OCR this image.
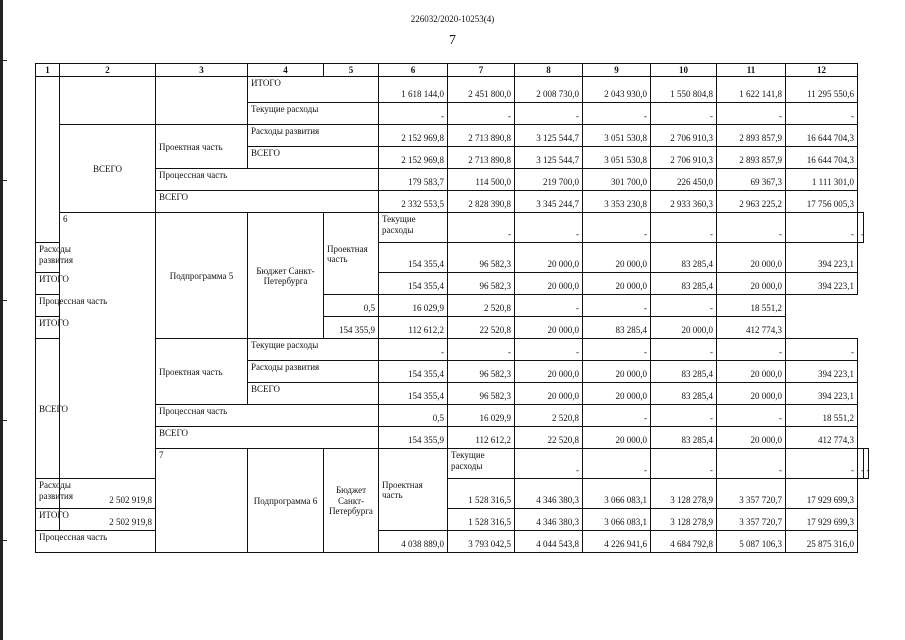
226032/2020-10253(4)
7
1	2	3	4	5	6	7	8	9	10	11	12		
			ИТОГО		1 618 144,0	2 451 800,0	2 008 730,0	2 043 930,0	1 550 804,8	1 622 141,8	11 295 550,6		
			Текущие расходы		-	-	-	-	-	-	-		
	ВСЕГО	Проектная часть	Расходы развития		2 152 969,8	2 713 890,8	3 125 544,7	3 051 530,8	2 706 910,3	2 893 857,9	16 644 704,3		
			ВСЕГО		2 152 969,8	2 713 890,8	3 125 544,7	3 051 530,8	2 706 910,3	2 893 857,9	16 644 704,3		
		Процессная часть			179 583,7	114 500,0	219 700,0	301 700,0	226 450,0	69 367,3	1 111 301,0		
		ВСЕГО			2 332 553,5	2 828 390,8	3 345 244,7	3 353 230,8	2 933 360,3	2 963 225,2	17 756 005,3		
	6	Подпрограмма 5	Бюджет Санкт-Петербурга	Проектная часть	Текущие расходы	-	-	-	-	-	-	-	
Расходы развития					154 355,4	96 582,3	20 000,0	20 000,0	83 285,4	20 000,0	394 223,1		
ИТОГО					154 355,4	96 582,3	20 000,0	20 000,0	83 285,4	20 000,0	394 223,1		
Процессная часть				0,5	16 029,9	2 520,8	-	-	-	18 551,2			
ИТОГО				154 355,9	112 612,2	22 520,8	20 000,0	83 285,4	20 000,0	412 774,3			
ВСЕГО		Проектная часть	Текущие расходы		-	-	-	-	-	-	-		
			Расходы развития		154 355,4	96 582,3	20 000,0	20 000,0	83 285,4	20 000,0	394 223,1		
			ВСЕГО		154 355,4	96 582,3	20 000,0	20 000,0	83 285,4	20 000,0	394 223,1		
		Процессная часть			0,5	16 029,9	2 520,8	-	-	-	18 551,2		
		ВСЕГО			154 355,9	112 612,2	22 520,8	20 000,0	83 285,4	20 000,0	412 774,3		
		7	Подпрограмма 6	Бюджет Санкт-Петербурга	Проектная часть	Текущие расходы	-	-	-	-	-	-	-
Расходы развития	2 502 919,8					1 528 316,5	4 346 380,3	3 066 083,1	3 128 278,9	3 357 720,7	17 929 699,3		
ИТОГО	2 502 919,8					1 528 316,5	4 346 380,3	3 066 083,1	3 128 278,9	3 357 720,7	17 929 699,3		
Процессная часть					4 038 889,0	3 793 042,5	4 044 543,8	4 226 941,6	4 684 792,8	5 087 106,3	25 875 316,0		
